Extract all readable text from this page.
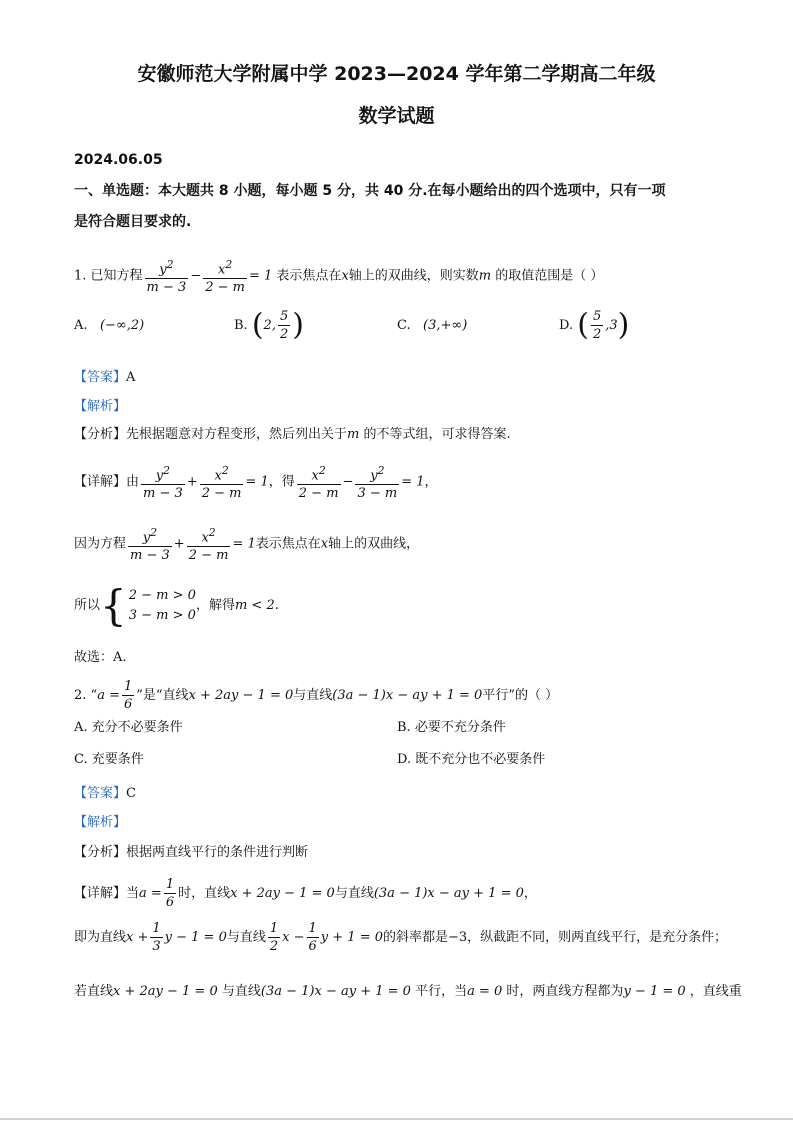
安徽师范大学附属中学 2023—2024 学年第二学期高二年级
数学试题
2024.06.05
一、单选题：本大题共 8 小题，每小题 5 分，共 40 分.在每小题给出的四个选项中，只有一项
是符合题目要求的.
1. 已知方程 $\frac{y^2}{m - 3} - \frac{x^2}{2 - m} = 1$ 表示焦点在x轴上的双曲线，则实数m 的取值范围是（ ）
A. (−∞,2)	B. (2, $\frac{5}{2}$ )	C. (3,+∞)	D. ( $\frac{5}{2} ,3$)
【答案】A
【解析】
【分析】先根据题意对方程变形，然后列出关于m 的不等式组，可求得答案.
【详解】由 $\frac{y^2}{m - 3} + \frac{x^2}{2 - m} = 1$，得 $\frac{x^2}{2 - m} - \frac{y^2}{3 - m} = 1$，
因为方程 $\frac{y^2}{m - 3} + \frac{x^2}{2 - m} = 1$表示焦点在x轴上的双曲线，
所以{ 2 − m > 0
3 − m > 0
，解得m < 2.
故选：A.
2. “$a = \frac{1}{6}$ ”是“直线x + 2ay − 1 = 0与直线(3a − 1)x − ay + 1 = 0平行”的（ ）
A. 充分不必要条件	B. 必要不充分条件
C. 充要条件	D. 既不充分也不必要条件
【答案】C
【解析】
【分析】根据两直线平行的条件进行判断
【详解】当$a = \frac{1}{6}$ 时，直线x + 2ay − 1 = 0与直线(3a − 1)x − ay + 1 = 0，
即为直线$x + \frac{1}{3}$ y − 1 = 0与直线 $\frac{1}{2}$ $x - \frac{1}{6}$ y + 1 = 0的斜率都是−3，纵截距不同，则两直线平行，是充分条件；
若直线x + 2ay − 1 = 0 与直线(3a − 1)x − ay + 1 = 0 平行，当a = 0 时，两直线方程都为y − 1 = 0 ，直线重
